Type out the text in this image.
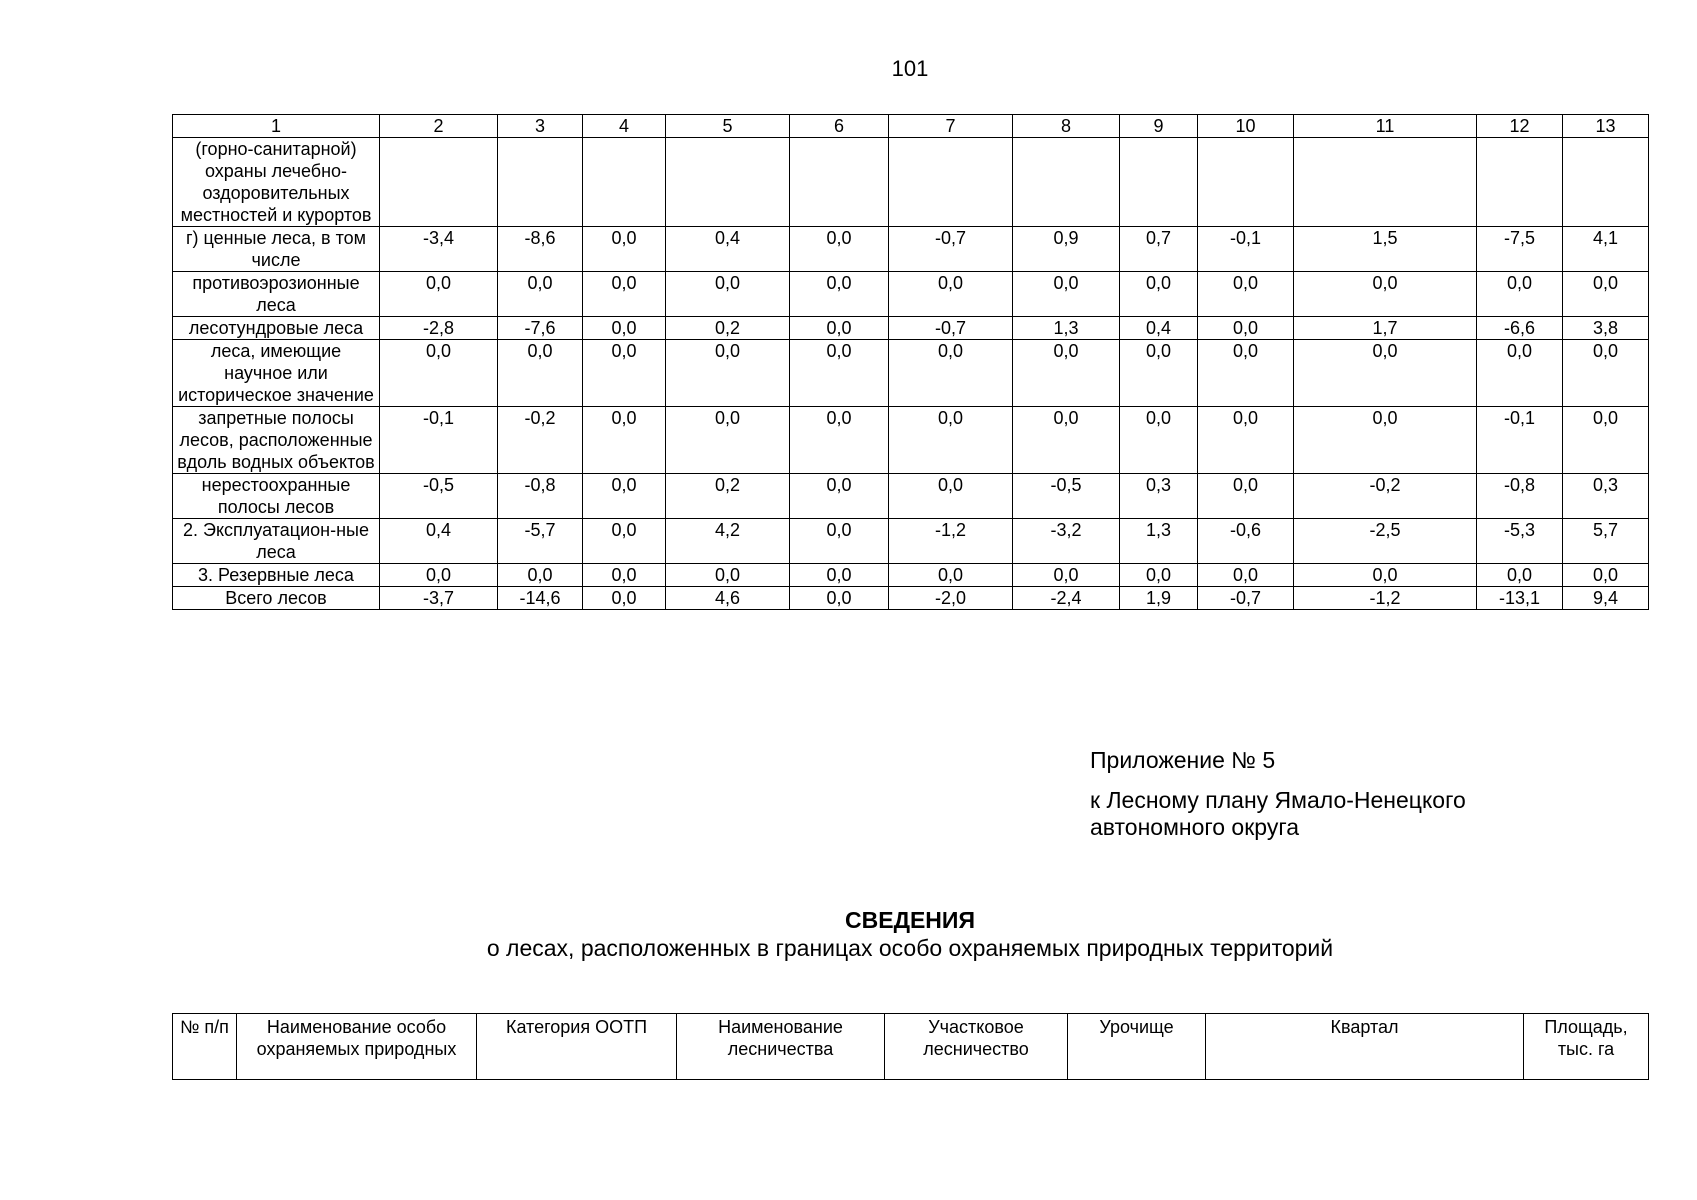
101
1	2	3	4	5	6	7	8	9	10	11	12	13
(горно-санитарной) охраны лечебно-оздоровительных местностей и курортов												
г) ценные леса, в том числе	-3,4	-8,6	0,0	0,4	0,0	-0,7	0,9	0,7	-0,1	1,5	-7,5	4,1
противоэрозионные леса	0,0	0,0	0,0	0,0	0,0	0,0	0,0	0,0	0,0	0,0	0,0	0,0
лесотундровые леса	-2,8	-7,6	0,0	0,2	0,0	-0,7	1,3	0,4	0,0	1,7	-6,6	3,8
леса, имеющие научное или историческое значение	0,0	0,0	0,0	0,0	0,0	0,0	0,0	0,0	0,0	0,0	0,0	0,0
запретные полосы лесов, расположенные вдоль водных объектов	-0,1	-0,2	0,0	0,0	0,0	0,0	0,0	0,0	0,0	0,0	-0,1	0,0
нерестоохранные полосы лесов	-0,5	-0,8	0,0	0,2	0,0	0,0	-0,5	0,3	0,0	-0,2	-0,8	0,3
2. Эксплуатацион-ные леса	0,4	-5,7	0,0	4,2	0,0	-1,2	-3,2	1,3	-0,6	-2,5	-5,3	5,7
3. Резервные леса	0,0	0,0	0,0	0,0	0,0	0,0	0,0	0,0	0,0	0,0	0,0	0,0
Всего лесов	-3,7	-14,6	0,0	4,6	0,0	-2,0	-2,4	1,9	-0,7	-1,2	-13,1	9,4
Приложение № 5
к Лесному плану Ямало-Ненецкого
автономного округа
СВЕДЕНИЯ
о лесах, расположенных в границах особо охраняемых природных территорий
№ п/п	Наименование особо охраняемых природных	Категория ООТП	Наименование лесничества	Участковое лесничество	Урочище	Квартал	Площадь, тыс. га
